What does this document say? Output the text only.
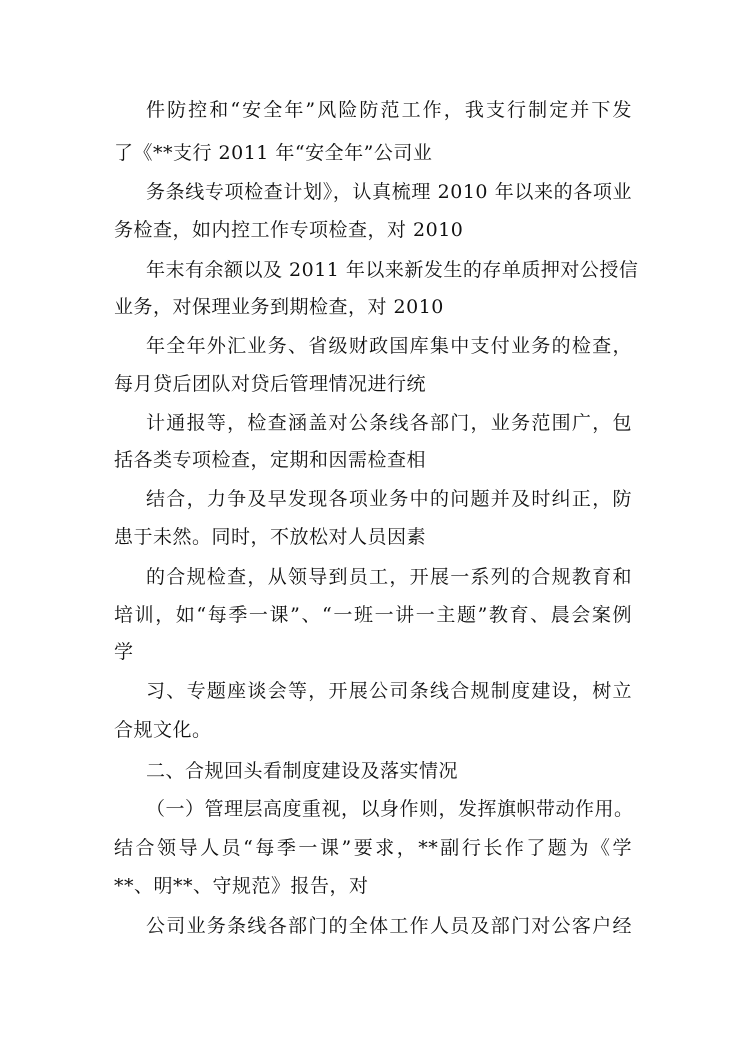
件防控和“安全年”风险防范工作，我支行制定并下发
了《**支行 2011 年“安全年”公司业
务条线专项检查计划》，认真梳理 2010 年以来的各项业
务检查，如内控工作专项检查，对 2010
年末有余额以及 2011 年以来新发生的存单质押对公授信
业务，对保理业务到期检查，对 2010
年全年外汇业务、省级财政国库集中支付业务的检查，
每月贷后团队对贷后管理情况进行统
计通报等，检查涵盖对公条线各部门，业务范围广，包
括各类专项检查，定期和因需检查相
结合，力争及早发现各项业务中的问题并及时纠正，防
患于未然。同时，不放松对人员因素
的合规检查，从领导到员工，开展一系列的合规教育和
培训，如“每季一课”、“一班一讲一主题”教育、晨会案例
学
习、专题座谈会等，开展公司条线合规制度建设，树立
合规文化。
二、合规回头看制度建设及落实情况
（一）管理层高度重视，以身作则，发挥旗帜带动作用。
结合领导人员“每季一课”要求，**副行长作了题为《学
**、明**、守规范》报告，对
公司业务条线各部门的全体工作人员及部门对公客户经
